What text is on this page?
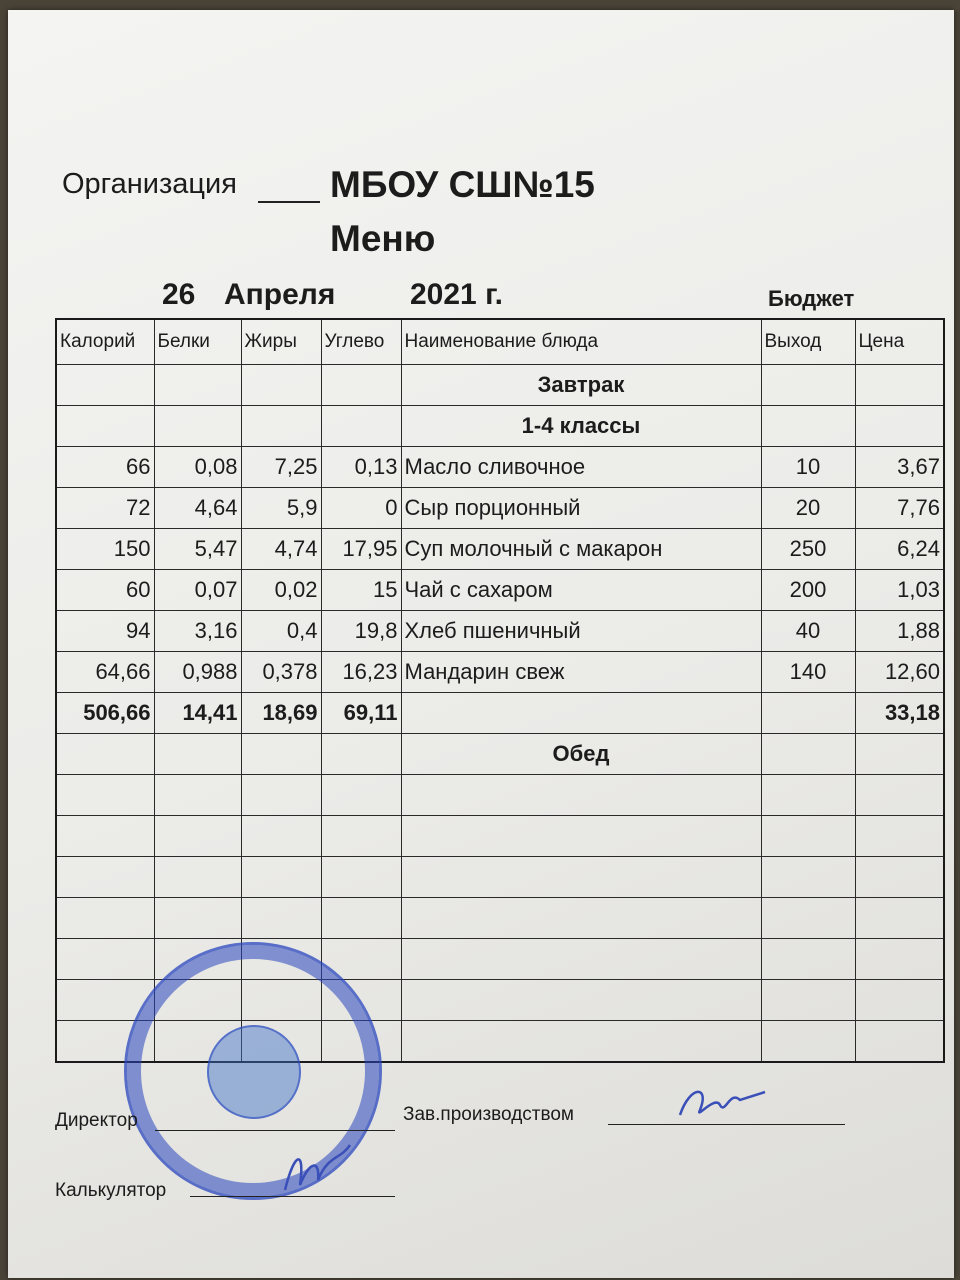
Организация	МБОУ СШ№15
Меню
26 Апреля 2021 г.	Бюджет
Калорий	Белки	Жиры	Углево	Наименование блюда	Выход	Цена
				Завтрак		
				1-4 классы		
66	0,08	7,25	0,13	Масло сливочное	10	3,67
72	4,64	5,9	0	Сыр порционный	20	7,76
150	5,47	4,74	17,95	Суп молочный с макарон	250	6,24
60	0,07	0,02	15	Чай с сахаром	200	1,03
94	3,16	0,4	19,8	Хлеб пшеничный	40	1,88
64,66	0,988	0,378	16,23	Мандарин свеж	140	12,60
506,66	14,41	18,69	69,11			33,18
				Обед		

Директор	Зав.производством
Калькулятор
